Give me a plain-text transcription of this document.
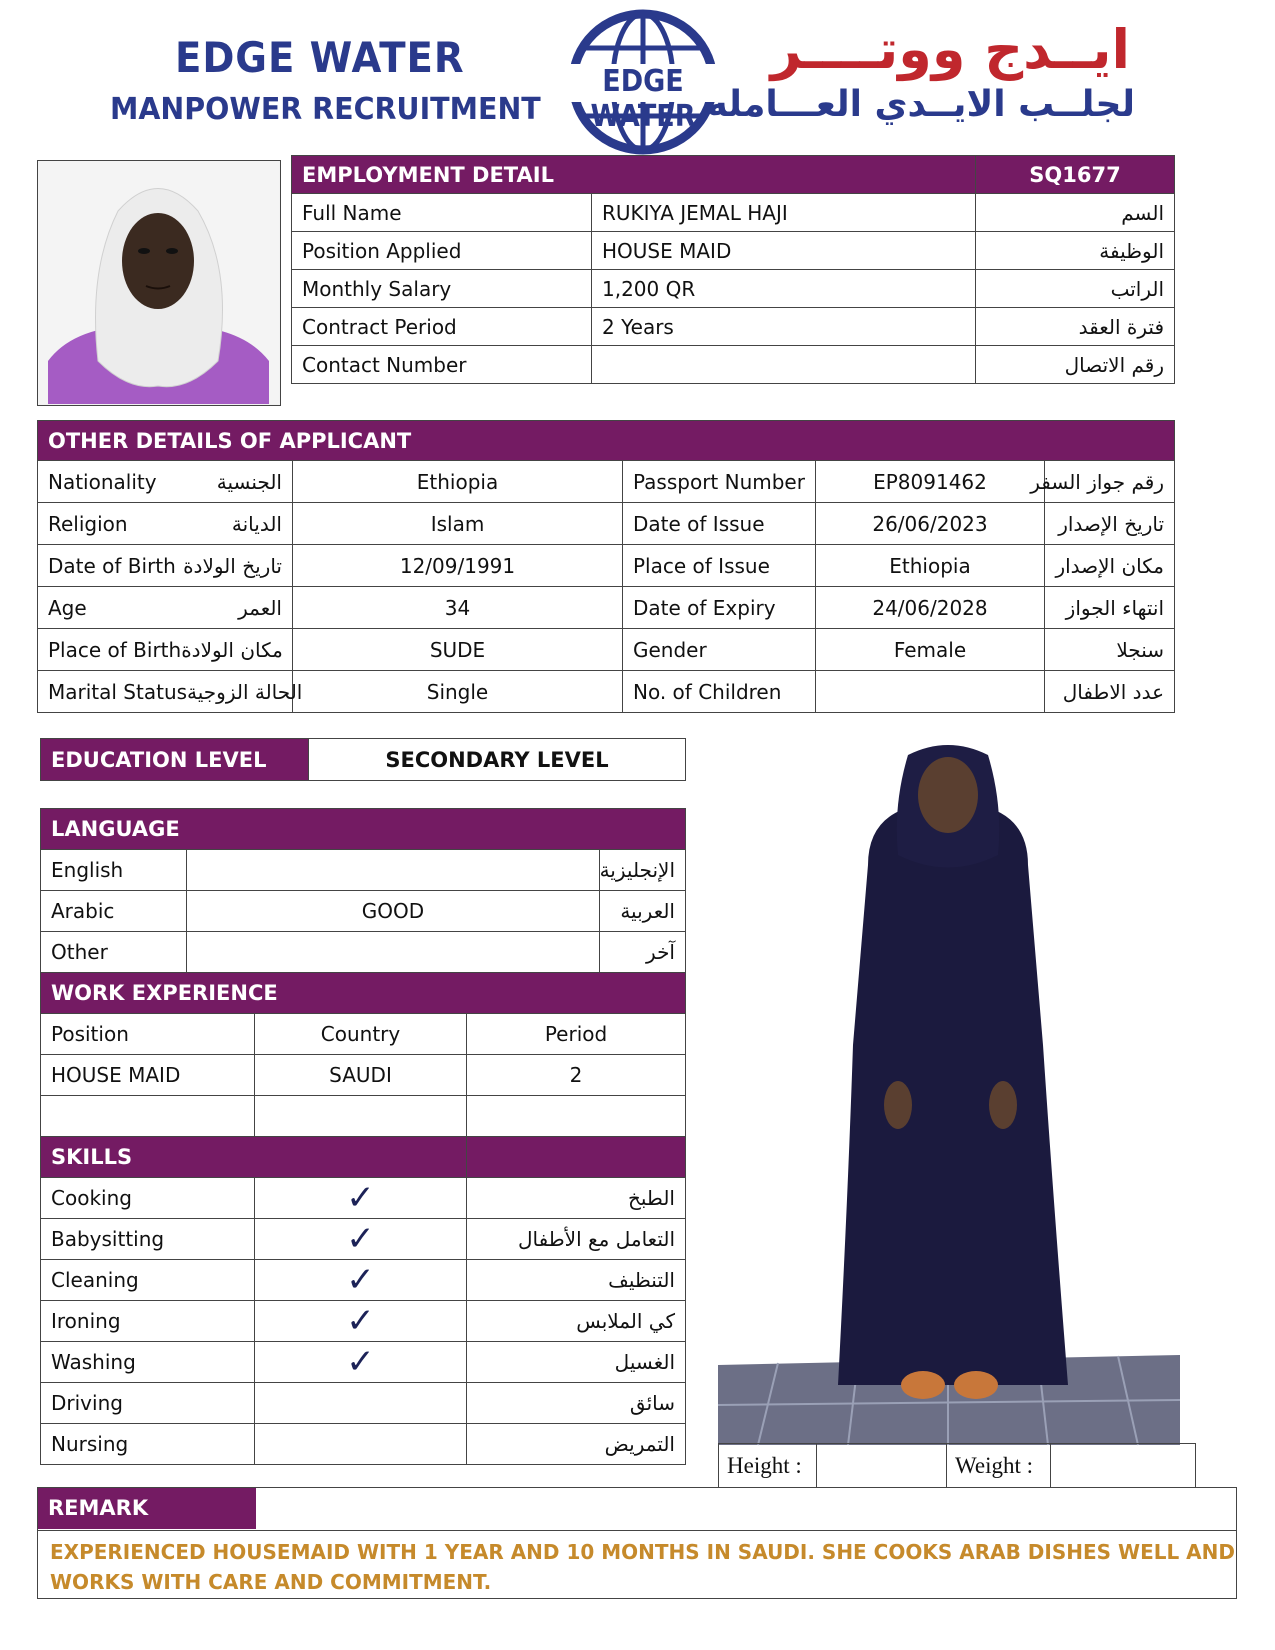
EDGE WATER
MANPOWER RECRUITMENT
EDGE WATER
ايــدج ووتــــر
لجلــب الايــدي العـــامله
EMPLOYMENT DETAIL		SQ1677
Full Name	RUKIYA JEMAL HAJI	السم
Position Applied	HOUSE MAID	الوظيفة
Monthly Salary	1,200 QR	الراتب
Contract Period	2 Years	فترة العقد
Contact Number		رقم الاتصال
OTHER DETAILS OF APPLICANT				

Nationality الجنسية	Ethiopia	Passport Number	EP8091462	رقم جواز السفر

Religion الديانة	Islam	Date of Issue	26/06/2023	تاريخ الإصدار

Date of Birth تاريخ الولادة	12/09/1991	Place of Issue	Ethiopia	مكان الإصدار

Age العمر	34	Date of Expiry	24/06/2028	انتهاء الجواز

Place of Birth مكان الولادة	SUDE	Gender	Female	سنجلا

Marital Status الحالة الزوجية	Single	No. of Children		عدد الاطفال
EDUCATION LEVEL	SECONDARY LEVEL
LANGUAGE				
English				الإنجليزية
Arabic	GOOD			العربية
Other				آخر
WORK EXPERIENCE				
Position		Country	Period	
HOUSE MAID		SAUDI	2	

SKILLS				
Cooking		✓	الطبخ	
Babysitting		✓	التعامل مع الأطفال	
Cleaning		✓	التنظيف	
Ironing		✓	كي الملابس	
Washing		✓	الغسيل	
Driving			سائق	
Nursing			التمريض	
Height :		Weight :	
REMARK
EXPERIENCED HOUSEMAID WITH 1 YEAR AND 10 MONTHS IN SAUDI. SHE COOKS ARAB DISHES WELL AND WORKS WITH CARE AND COMMITMENT.
